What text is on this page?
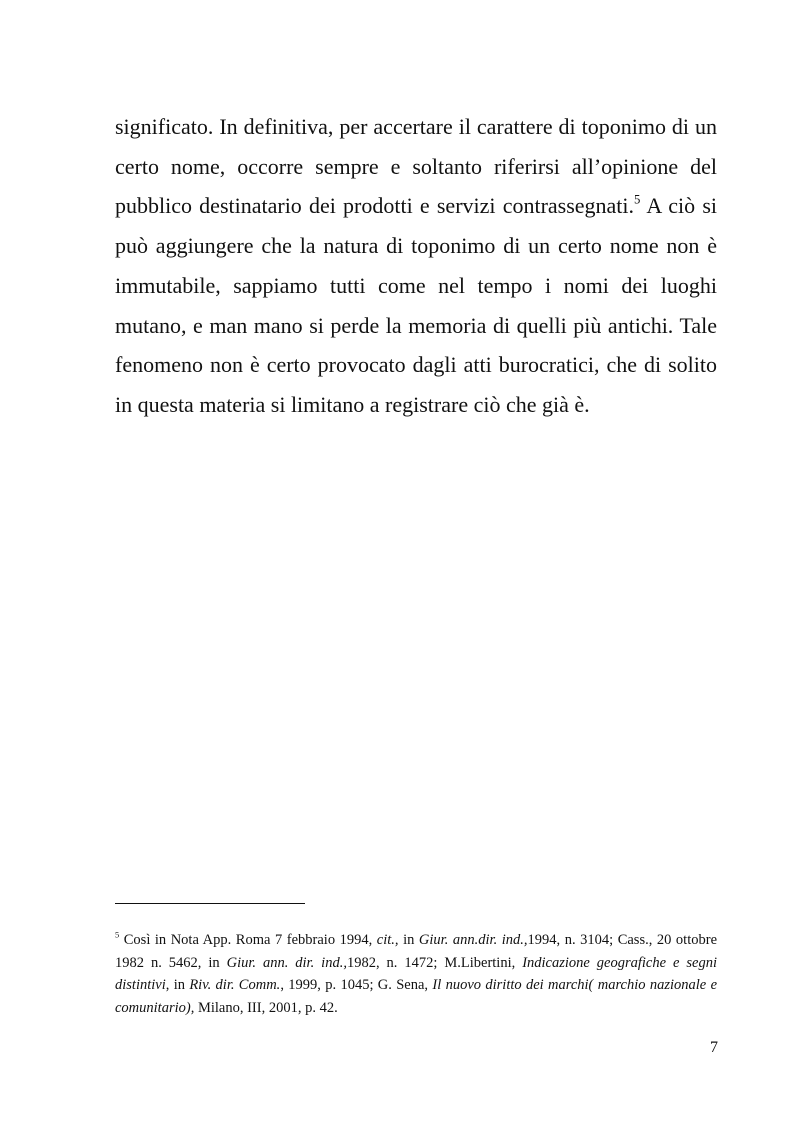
significato. In definitiva, per accertare il carattere di toponimo di un certo nome, occorre sempre e soltanto riferirsi all’opinione del pubblico destinatario dei prodotti e servizi contrassegnati.$^5$ A ciò si può aggiungere che la natura di toponimo di un certo nome non è immutabile, sappiamo tutti come nel tempo i nomi dei luoghi mutano, e man mano si perde la memoria di quelli più antichi. Tale fenomeno non è certo provocato dagli atti burocratici, che di solito in questa materia si limitano a registrare ciò che già è.

$^5$ Così in Nota App. Roma 7 febbraio 1994, cit., in Giur. ann.dir. ind.,1994, n. 3104; Cass., 20 ottobre 1982 n. 5462, in Giur. ann. dir. ind.,1982, n. 1472; M.Libertini, Indicazione geografiche e segni distintivi, in Riv. dir. Comm., 1999, p. 1045; G. Sena, Il nuovo diritto dei marchi( marchio nazionale e comunitario), Milano, III, 2001, p. 42.

7
